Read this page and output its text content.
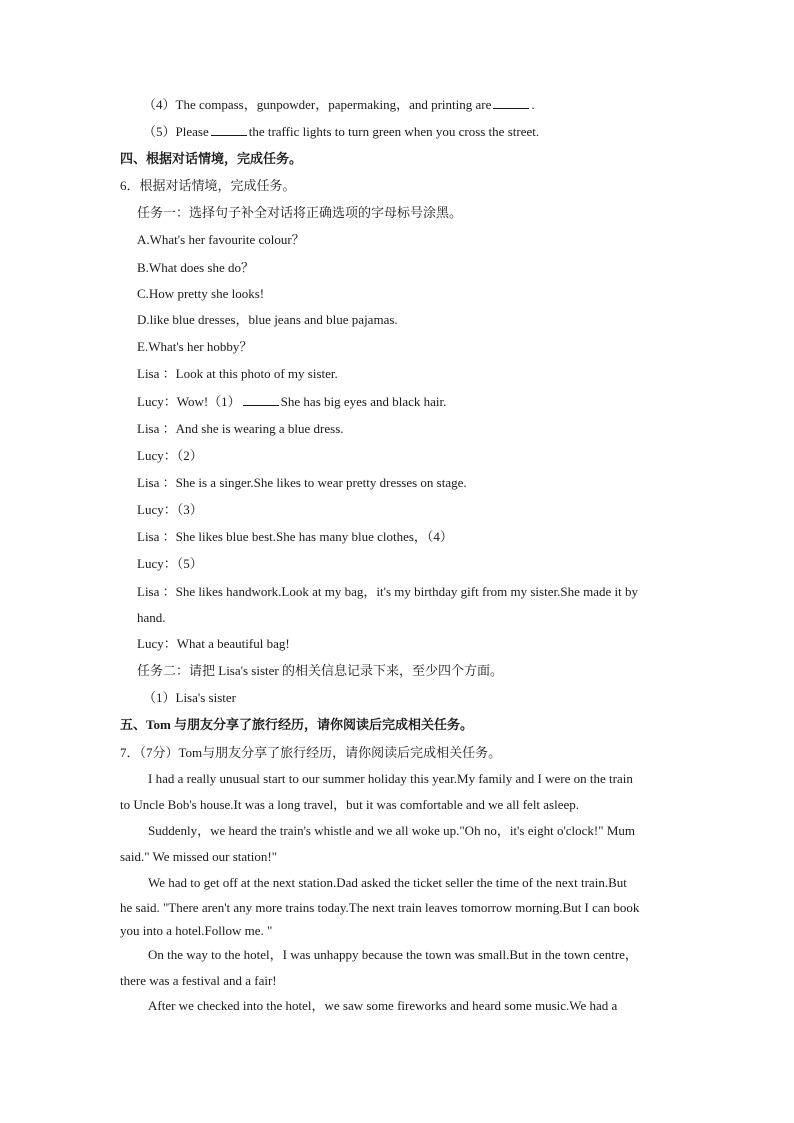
（4）The compass，gunpowder，papermaking，and printing are	.
（5）Please	the traffic lights to turn green when you cross the street.
四、根据对话情境，完成任务。
6．根据对话情境，完成任务。
任务一：选择句子补全对话将正确选项的字母标号涂黑。
A.What's her favourite colour？
B.What does she do？
C.How pretty she looks!
D.like blue dresses，blue jeans and blue pajamas.
E.What's her hobby？
Lisa ：Look at this photo of my sister.
Lucy：Wow!（1）	She has big eyes and black hair.
Lisa ：And she is wearing a blue dress.
Lucy：（2）
Lisa ：She is a singer.She likes to wear pretty dresses on stage.
Lucy：（3）
Lisa ：She likes blue best.She has many blue clothes，（4）
Lucy：（5）
Lisa ：She likes handwork.Look at my bag，it's my birthday gift from my sister.She made it by
hand.
Lucy：What a beautiful bag!
任务二：请把 Lisa's sister 的相关信息记录下来，至少四个方面。
（1）Lisa's sister
五、Tom 与朋友分享了旅行经历，请你阅读后完成相关任务。
7．（7分）Tom与朋友分享了旅行经历，请你阅读后完成相关任务。
I had a really unusual start to our summer holiday this year.My family and I were on the train
to Uncle Bob's house.It was a long travel，but it was comfortable and we all felt asleep.
Suddenly，we heard the train's whistle and we all woke up."Oh no，it's eight o'clock!" Mum
said." We missed our station!"
We had to get off at the next station.Dad asked the ticket seller the time of the next train.But
he said. "There aren't any more trains today.The next train leaves tomorrow morning.But I can book
you into a hotel.Follow me. "
On the way to the hotel，I was unhappy because the town was small.But in the town centre，
there was a festival and a fair!
After we checked into the hotel，we saw some fireworks and heard some music.We had a
